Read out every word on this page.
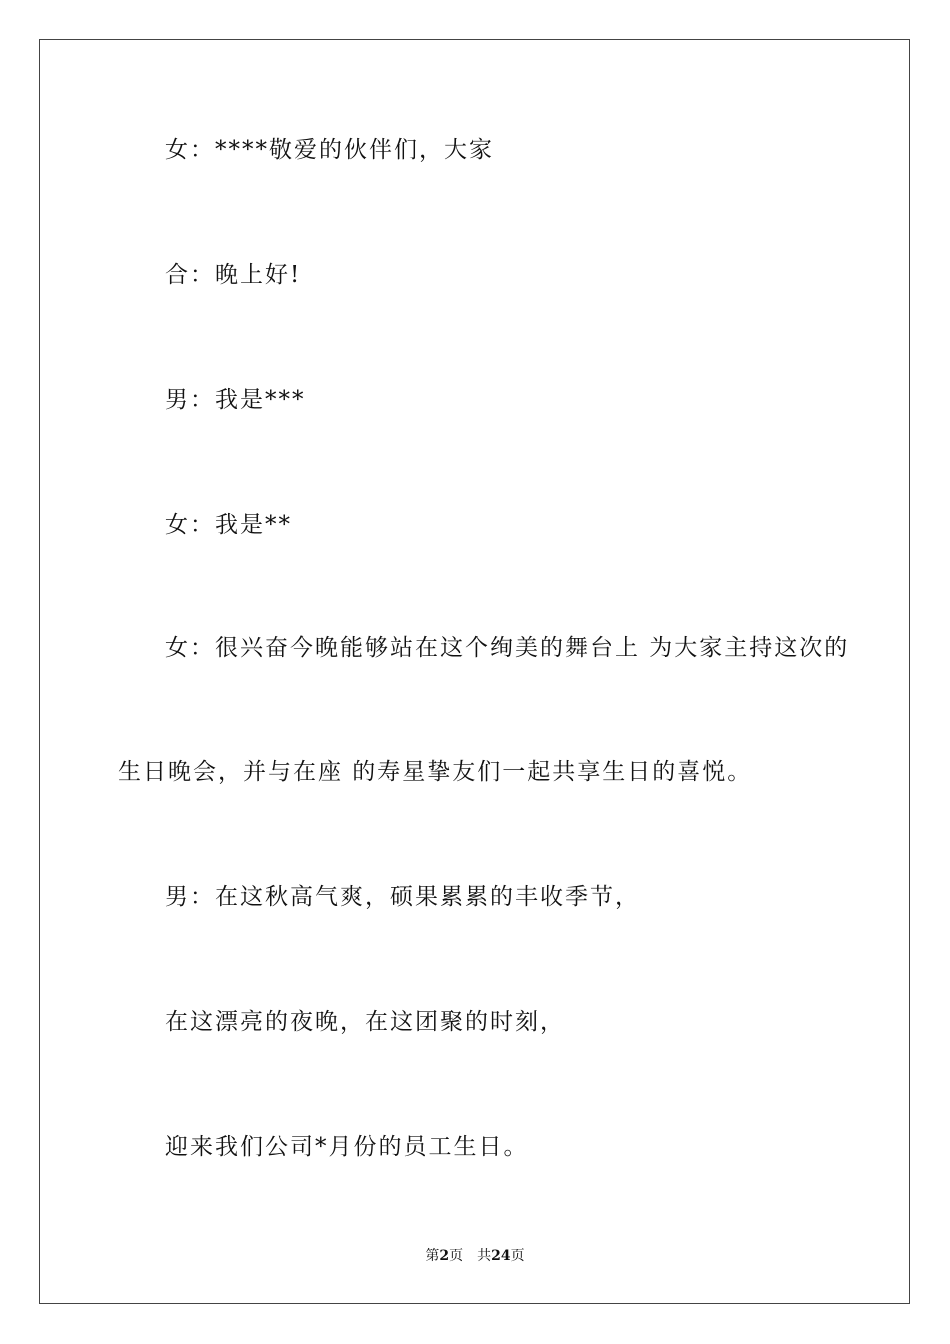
女：****敬爱的伙伴们，大家
合：晚上好!
男：我是***
女：我是**
女：很兴奋今晚能够站在这个绚美的舞台上 为大家主持这次的
生日晚会，并与在座 的寿星挚友们一起共享生日的喜悦。
男：在这秋高气爽，硕果累累的丰收季节，
在这漂亮的夜晚，在这团聚的时刻，
迎来我们公司*月份的员工生日。
第2页 共24页
